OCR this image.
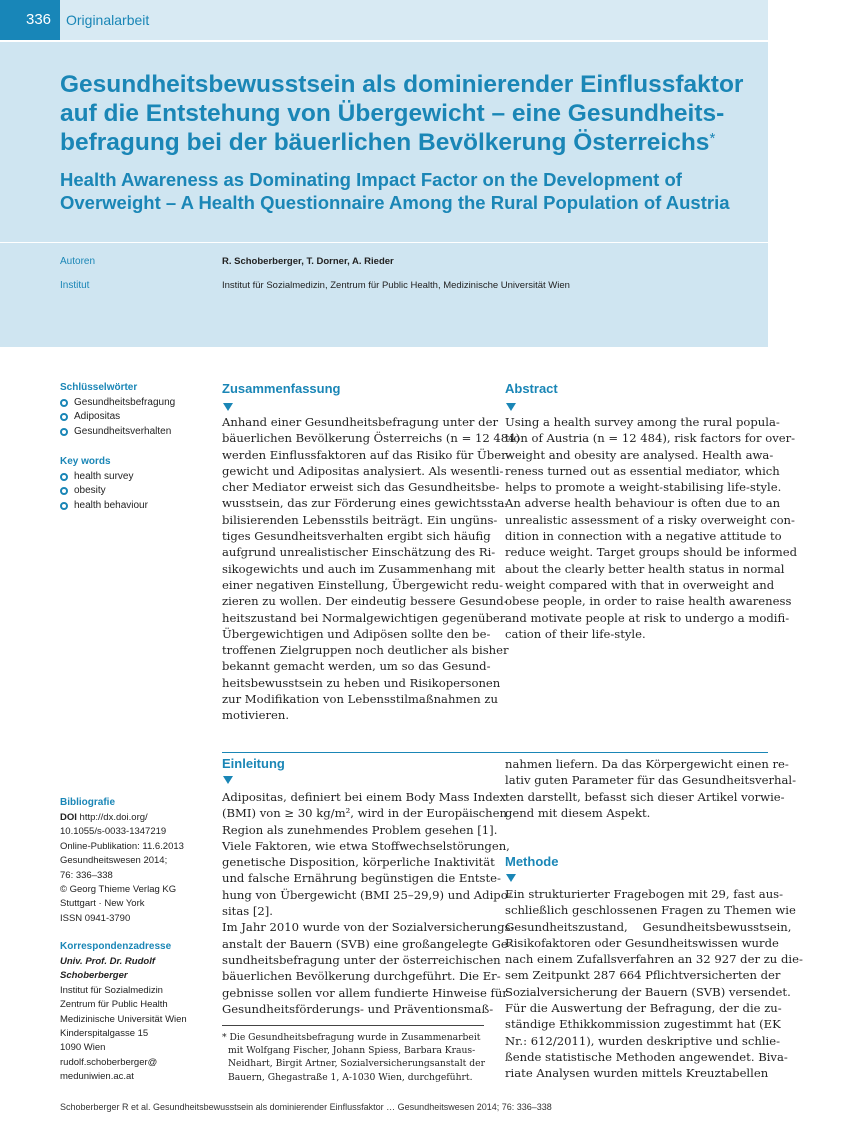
336	Originalarbeit
Gesundheitsbewusstsein als dominierender Einflussfaktor
auf die Entstehung von Übergewicht – eine Gesundheits-
befragung bei der bäuerlichen Bevölkerung Österreichs*
Health Awareness as Dominating Impact Factor on the Development of
Overweight – A Health Questionnaire Among the Rural Population of Austria
Autoren	R. Schoberberger, T. Dorner, A. Rieder
Institut	Institut für Sozialmedizin, Zentrum für Public Health, Medizinische Universität Wien
Schlüsselwörter
Gesundheitsbefragung
Adipositas
Gesundheitsverhalten
Key words
health survey
obesity
health behaviour
Bibliografie
DOI http://dx.doi.org/
10.1055/s-0033-1347219
Online-Publikation: 11.6.2013
Gesundheitswesen 2014;
76: 336–338
© Georg Thieme Verlag KG
Stuttgart · New York
ISSN 0941-3790
Korrespondenzadresse
Univ. Prof. Dr. Rudolf
Schoberberger
Institut für Sozialmedizin
Zentrum für Public Health
Medizinische Universität Wien
Kinderspitalgasse 15
1090 Wien
rudolf.schoberberger@
meduniwien.ac.at
Zusammenfassung
Anhand einer Gesundheitsbefragung unter der
bäuerlichen Bevölkerung Österreichs (n = 12 484)
werden Einflussfaktoren auf das Risiko für Über-
gewicht und Adipositas analysiert. Als wesentli-
cher Mediator erweist sich das Gesundheitsbe-
wusstsein, das zur Förderung eines gewichtssta-
bilisierenden Lebensstils beiträgt. Ein ungüns-
tiges Gesundheitsverhalten ergibt sich häufig
aufgrund unrealistischer Einschätzung des Ri-
sikogewichts und auch im Zusammenhang mit
einer negativen Einstellung, Übergewicht redu-
zieren zu wollen. Der eindeutig bessere Gesund-
heitszustand bei Normalgewichtigen gegenüber
Übergewichtigen und Adipösen sollte den be-
troffenen Zielgruppen noch deutlicher als bisher
bekannt gemacht werden, um so das Gesund-
heitsbewusstsein zu heben und Risikopersonen
zur Modifikation von Lebensstilmaßnahmen zu
motivieren.
Abstract
Using a health survey among the rural popula-
tion of Austria (n = 12 484), risk factors for over-
weight and obesity are analysed. Health awa-
reness turned out as essential mediator, which
helps to promote a weight-stabilising life-style.
An adverse health behaviour is often due to an
unrealistic assessment of a risky overweight con-
dition in connection with a negative attitude to
reduce weight. Target groups should be informed
about the clearly better health status in normal
weight compared with that in overweight and
obese people, in order to raise health awareness
and motivate people at risk to undergo a modifi-
cation of their life-style.
Einleitung
Adipositas, definiert bei einem Body Mass Index
(BMI) von ≥ 30 kg/m², wird in der Europäischen
Region als zunehmendes Problem gesehen [1].
Viele Faktoren, wie etwa Stoffwechselstörungen,
genetische Disposition, körperliche Inaktivität
und falsche Ernährung begünstigen die Entste-
hung von Übergewicht (BMI 25–29,9) und Adipo-
sitas [2].
Im Jahr 2010 wurde von der Sozialversicherungs-
anstalt der Bauern (SVB) eine großangelegte Ge-
sundheitsbefragung unter der österreichischen
bäuerlichen Bevölkerung durchgeführt. Die Er-
gebnisse sollen vor allem fundierte Hinweise für
Gesundheitsförderungs- und Präventionsmaß-
nahmen liefern. Da das Körpergewicht einen re-
lativ guten Parameter für das Gesundheitsverhal-
ten darstellt, befasst sich dieser Artikel vorwie-
gend mit diesem Aspekt.
* Die Gesundheitsbefragung wurde in Zusammenarbeit
mit Wolfgang Fischer, Johann Spiess, Barbara Kraus-
Neidhart, Birgit Artner, Sozialversicherungsanstalt der
Bauern, Ghegastraße 1, A-1030 Wien, durchgeführt.
Methode
Ein strukturierter Fragebogen mit 29, fast aus-
schließlich geschlossenen Fragen zu Themen wie
Gesundheitszustand,    Gesundheitsbewusstsein,
Risikofaktoren oder Gesundheitswissen wurde
nach einem Zufallsverfahren an 32 927 der zu die-
sem Zeitpunkt 287 664 Pflichtversicherten der
Sozialversicherung der Bauern (SVB) versendet.
Für die Auswertung der Befragung, der die zu-
ständige Ethikkommission zugestimmt hat (EK
Nr.: 612/2011), wurden deskriptive und schlie-
ßende statistische Methoden angewendet. Biva-
riate Analysen wurden mittels Kreuztabellen
Schoberberger R et al. Gesundheitsbewusstsein als dominierender Einflussfaktor … Gesundheitswesen 2014; 76: 336–338
